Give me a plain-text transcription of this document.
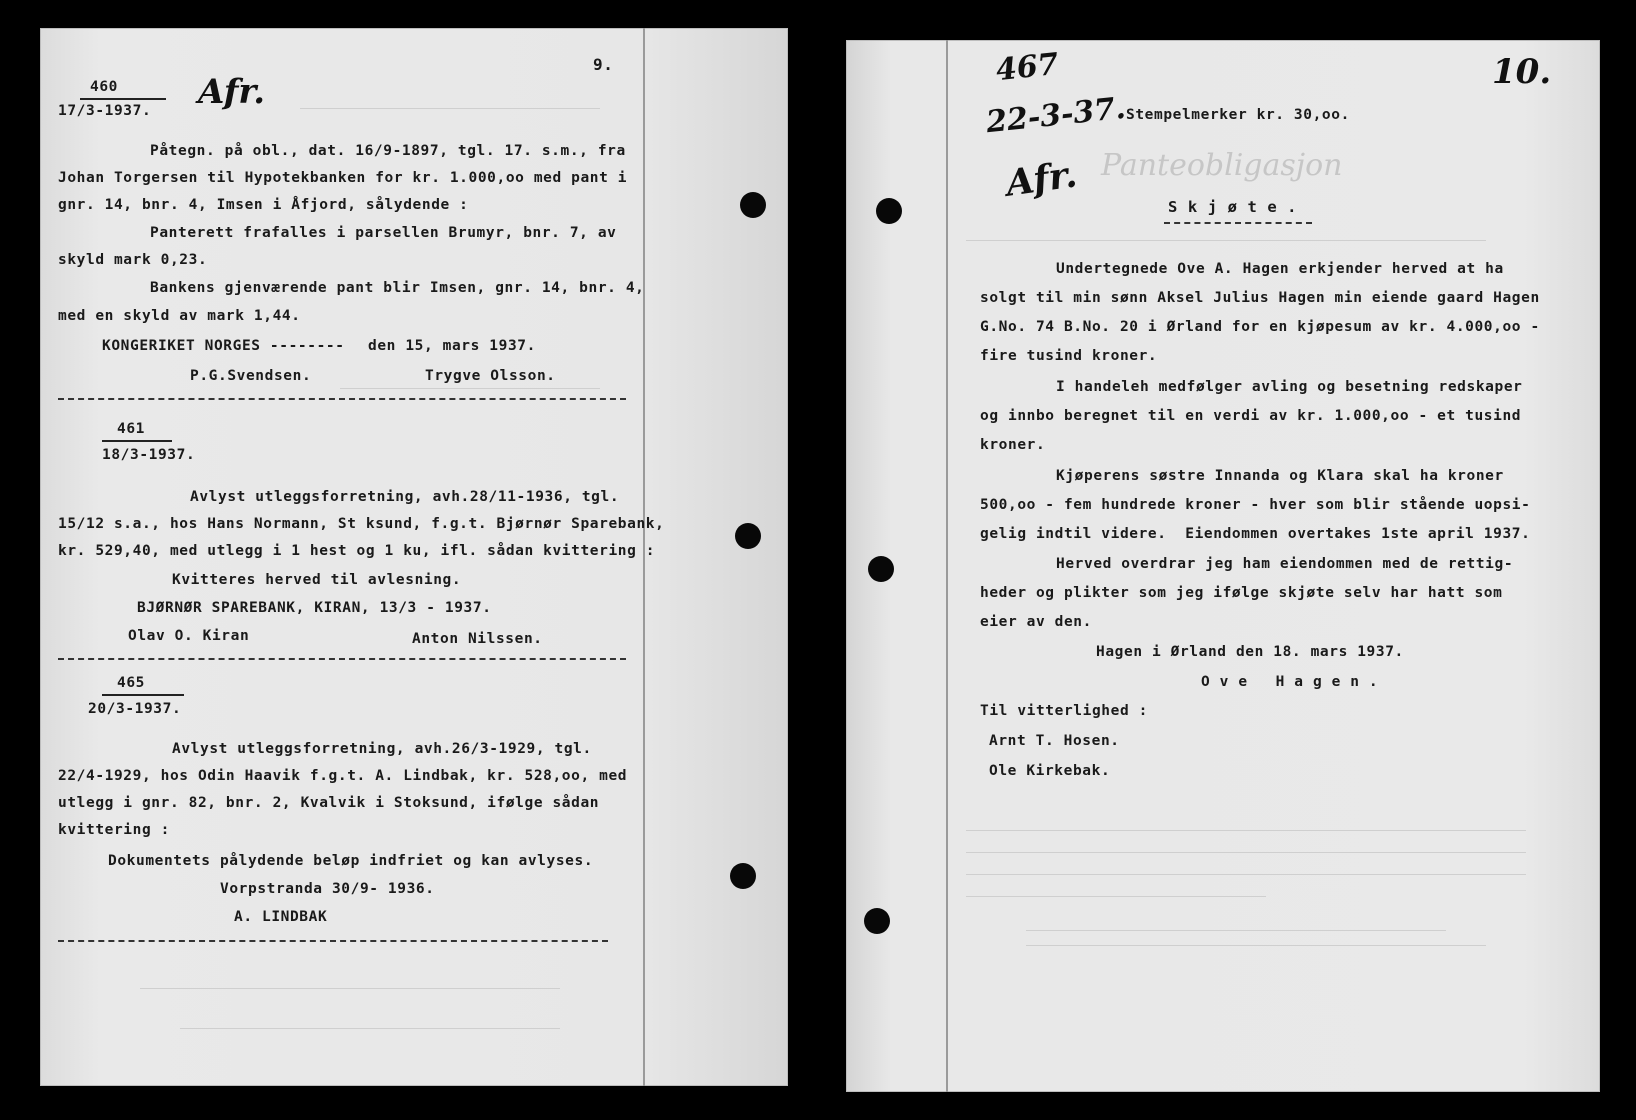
9.
460
17/3-1937. Afr.
Påtegn. på obl., dat. 16/9-1897, tgl. 17. s.m., fra
Johan Torgersen til Hypotekbanken for kr. 1.000,oo med pant i
gnr. 14, bnr. 4, Imsen i Åfjord, sålydende :
Panterett frafalles i parsellen Brumyr, bnr. 7, av
skyld mark 0,23.
Bankens gjenværende pant blir Imsen, gnr. 14, bnr. 4,
med en skyld av mark 1,44.
KONGERIKET NORGES -------- den 15, mars 1937.
P.G.Svendsen.	Trygve Olsson.
461
18/3-1937.
Avlyst utleggsforretning, avh.28/11-1936, tgl.
15/12 s.a., hos Hans Normann, St ksund, f.g.t. Bjørnør Sparebank,
kr. 529,40, med utlegg i 1 hest og 1 ku, ifl. sådan kvittering :
Kvitteres herved til avlesning.
BJØRNØR SPAREBANK, KIRAN, 13/3 - 1937.
Olav O. Kiran	Anton Nilssen.
465
20/3-1937.
Avlyst utleggsforretning, avh.26/3-1929, tgl.
22/4-1929, hos Odin Haavik f.g.t. A. Lindbak, kr. 528,oo, med
utlegg i gnr. 82, bnr. 2, Kvalvik i Stoksund, ifølge sådan
kvittering :
Dokumentets pålydende beløp indfriet og kan avlyses.
Vorpstranda 30/9- 1936.
A. LINDBAK
10.
467
22-3-37.
Afr. Panteobligasjon
Stempelmerker kr. 30,oo.
S k j ø t e .
Undertegnede Ove A. Hagen erkjender herved at ha
solgt til min sønn Aksel Julius Hagen min eiende gaard Hagen
G.No. 74 B.No. 20 i Ørland for en kjøpesum av kr. 4.000,oo -
fire tusind kroner.
I handeleh medfølger avling og besetning redskaper
og innbo beregnet til en verdi av kr. 1.000,oo - et tusind
kroner.
Kjøperens søstre Innanda og Klara skal ha kroner
500,oo - fem hundrede kroner - hver som blir stående uopsi-
gelig indtil videre.  Eiendommen overtakes 1ste april 1937.
Herved overdrar jeg ham eiendommen med de rettig-
heder og plikter som jeg ifølge skjøte selv har hatt som
eier av den.
Hagen i Ørland den 18. mars 1937.
O v e   H a g e n .
Til vitterlighed :
Arnt T. Hosen.
Ole Kirkebak.
